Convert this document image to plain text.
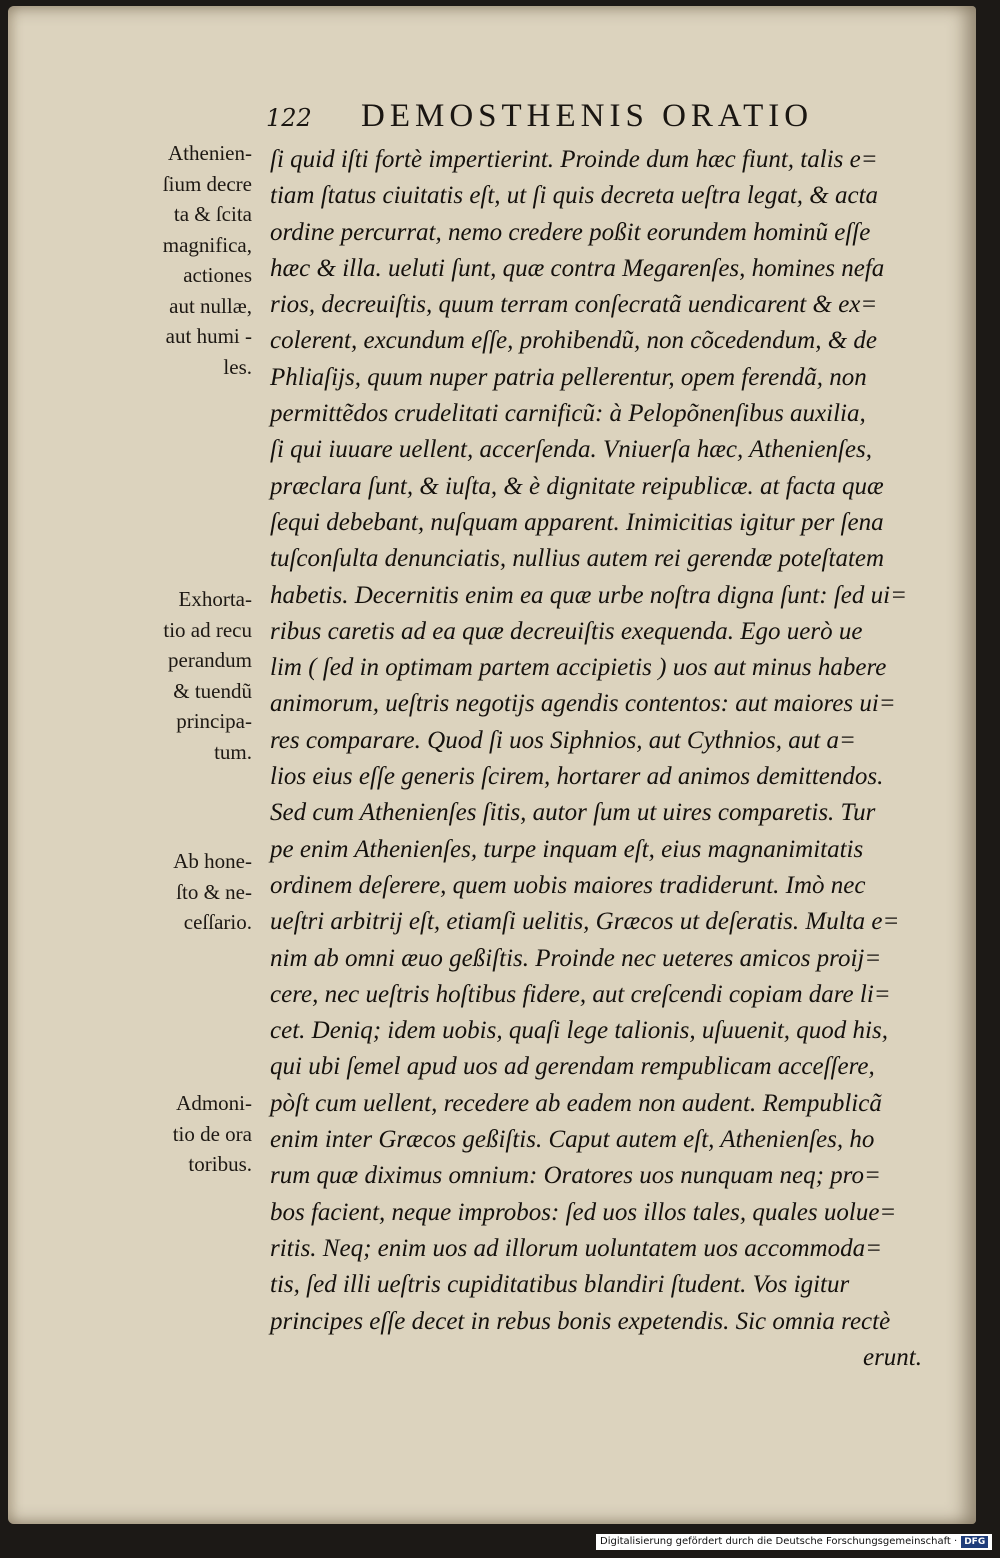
122 DEMOSTHENIS ORATIO
Athenien-
ſium decre
ta & ſcita
magnifica,
actiones
aut nullæ,
aut humi -
les.
Exhorta-
tio ad recu
perandum
& tuendũ
principa-
tum.
Ab hone-
ſto & ne-
ceſſario.
Admoni-
tio de ora
toribus.
ſi quid iſti fortè impertierint. Proinde dum hæc fiunt, talis e=
tiam ſtatus ciuitatis eſt, ut ſi quis decreta ueſtra legat, & acta
ordine percurrat, nemo credere poßit eorundem hominũ eſſe
hæc & illa. ueluti ſunt, quæ contra Megarenſes, homines nefa
rios, decreuiſtis, quum terram conſecratã uendicarent & ex=
colerent, excundum eſſe, prohibendũ, non cõcedendum, & de
Phliaſijs, quum nuper patria pellerentur, opem ferendã, non
permittẽdos crudelitati carnificũ: à Pelopõnenſibus auxilia,
ſi qui iuuare uellent, accerſenda. Vniuerſa hæc, Athenienſes,
præclara ſunt, & iuſta, & è dignitate reipublicæ. at facta quæ
ſequi debebant, nuſquam apparent. Inimicitias igitur per ſena
tuſconſulta denunciatis, nullius autem rei gerendæ poteſtatem
habetis. Decernitis enim ea quæ urbe noſtra digna ſunt: ſed ui=
ribus caretis ad ea quæ decreuiſtis exequenda. Ego uerò ue
lim ( ſed in optimam partem accipietis ) uos aut minus habere
animorum, ueſtris negotijs agendis contentos: aut maiores ui=
res comparare. Quod ſi uos Siphnios, aut Cythnios, aut a=
lios eius eſſe generis ſcirem, hortarer ad animos demittendos.
Sed cum Athenienſes ſitis, autor ſum ut uires comparetis. Tur
pe enim Athenienſes, turpe inquam eſt, eius magnanimitatis
ordinem deſerere, quem uobis maiores tradiderunt. Imò nec
ueſtri arbitrij eſt, etiamſi uelitis, Græcos ut deſeratis. Multa e=
nim ab omni æuo geßiſtis. Proinde nec ueteres amicos proij=
cere, nec ueſtris hoſtibus fidere, aut creſcendi copiam dare li=
cet. Deniq; idem uobis, quaſi lege talionis, uſuuenit, quod his,
qui ubi ſemel apud uos ad gerendam rempublicam acceſſere,
pòſt cum uellent, recedere ab eadem non audent. Rempublicã
enim inter Græcos geßiſtis. Caput autem eſt, Athenienſes, ho
rum quæ diximus omnium: Oratores uos nunquam neq; pro=
bos facient, neque improbos: ſed uos illos tales, quales uolue=
ritis. Neq; enim uos ad illorum uoluntatem uos accommoda=
tis, ſed illi ueſtris cupiditatibus blandiri ſtudent. Vos igitur
principes eſſe decet in rebus bonis expetendis. Sic omnia rectè
erunt.
Digitalisierung gefördert durch die Deutsche Forschungsgemeinschaft · DFG
